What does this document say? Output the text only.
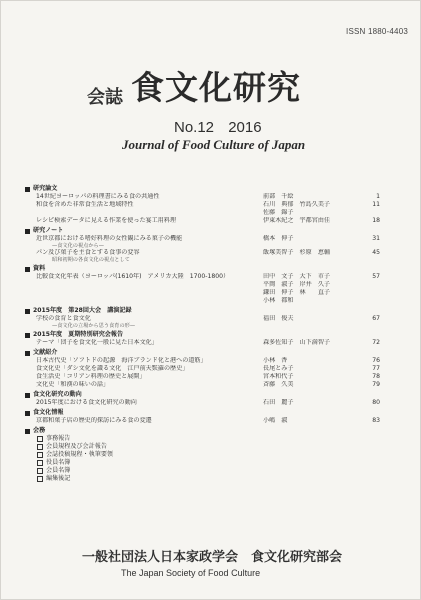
ISSN 1880-4403
会誌 食文化研究
No.12 2016
Journal of Food Culture of Japan
研究論文
14世紀ヨーロッパの料理書にみる食の共通性	前部　千絵	1
和食を含めた非常食生活と地域特性	石川　典郁　竹島久美子	11
佐藤　錦子
レシピ検索データに見える作業を使った宴工用料理	伊東木紀之　宇都宮由佳	18
研究ノート
近世京都における嗜好料理の女性観にみる菓子の機能	橋本　伸子	31
—食文化の視点から—
パン及び菓子を主食とする食事の変容	飯塚美智子　杉原　恵輔	45
昭和初期の各食文化の視点として
資料
比較食文化年表（ヨーロッパ(1610年)　アメリカ大陸　1700-1800）	田中　文子　大下　市子	57
平岡　淑子　岸井　久子
鎌田　伸子　林　　直子
小林　都和
2015年度　第28回大会　講演記録
学校の食育と食文化	福田　俊夫	67
—食文化の立場から思う食育の形—
2015年度　夏期特別研究会報告
テーマ「団子を食文化一般に見た日本文化」	森多佐知子　山下満智子	72
文献紹介
日本古代史「ソフトドの起源　海洋ブランド化と港への道筋」	小林　香	76
食文化史「ダシ文化を識る文化　江戸前天麩羅の歴史」	長尾とみ子	77
食生活史「コリアン料理の歴史と展開」	宮本和代子	78
文化史「和漢の味いの話」	斉藤　久美	79
食文化研究の動向
2015年度における食文化研究の動向	石田　麗子	80
食文化情報
京都和菓子店の歴史的探訪にみる食の変遷	小嶋　淑	83
会務
事務報告
会員規程及び会計報告
会誌投稿規程・執筆要領
役員名簿
会員名簿
編集後記
一般社団法人日本家政学会　食文化研究部会
The Japan Society of Food Culture
